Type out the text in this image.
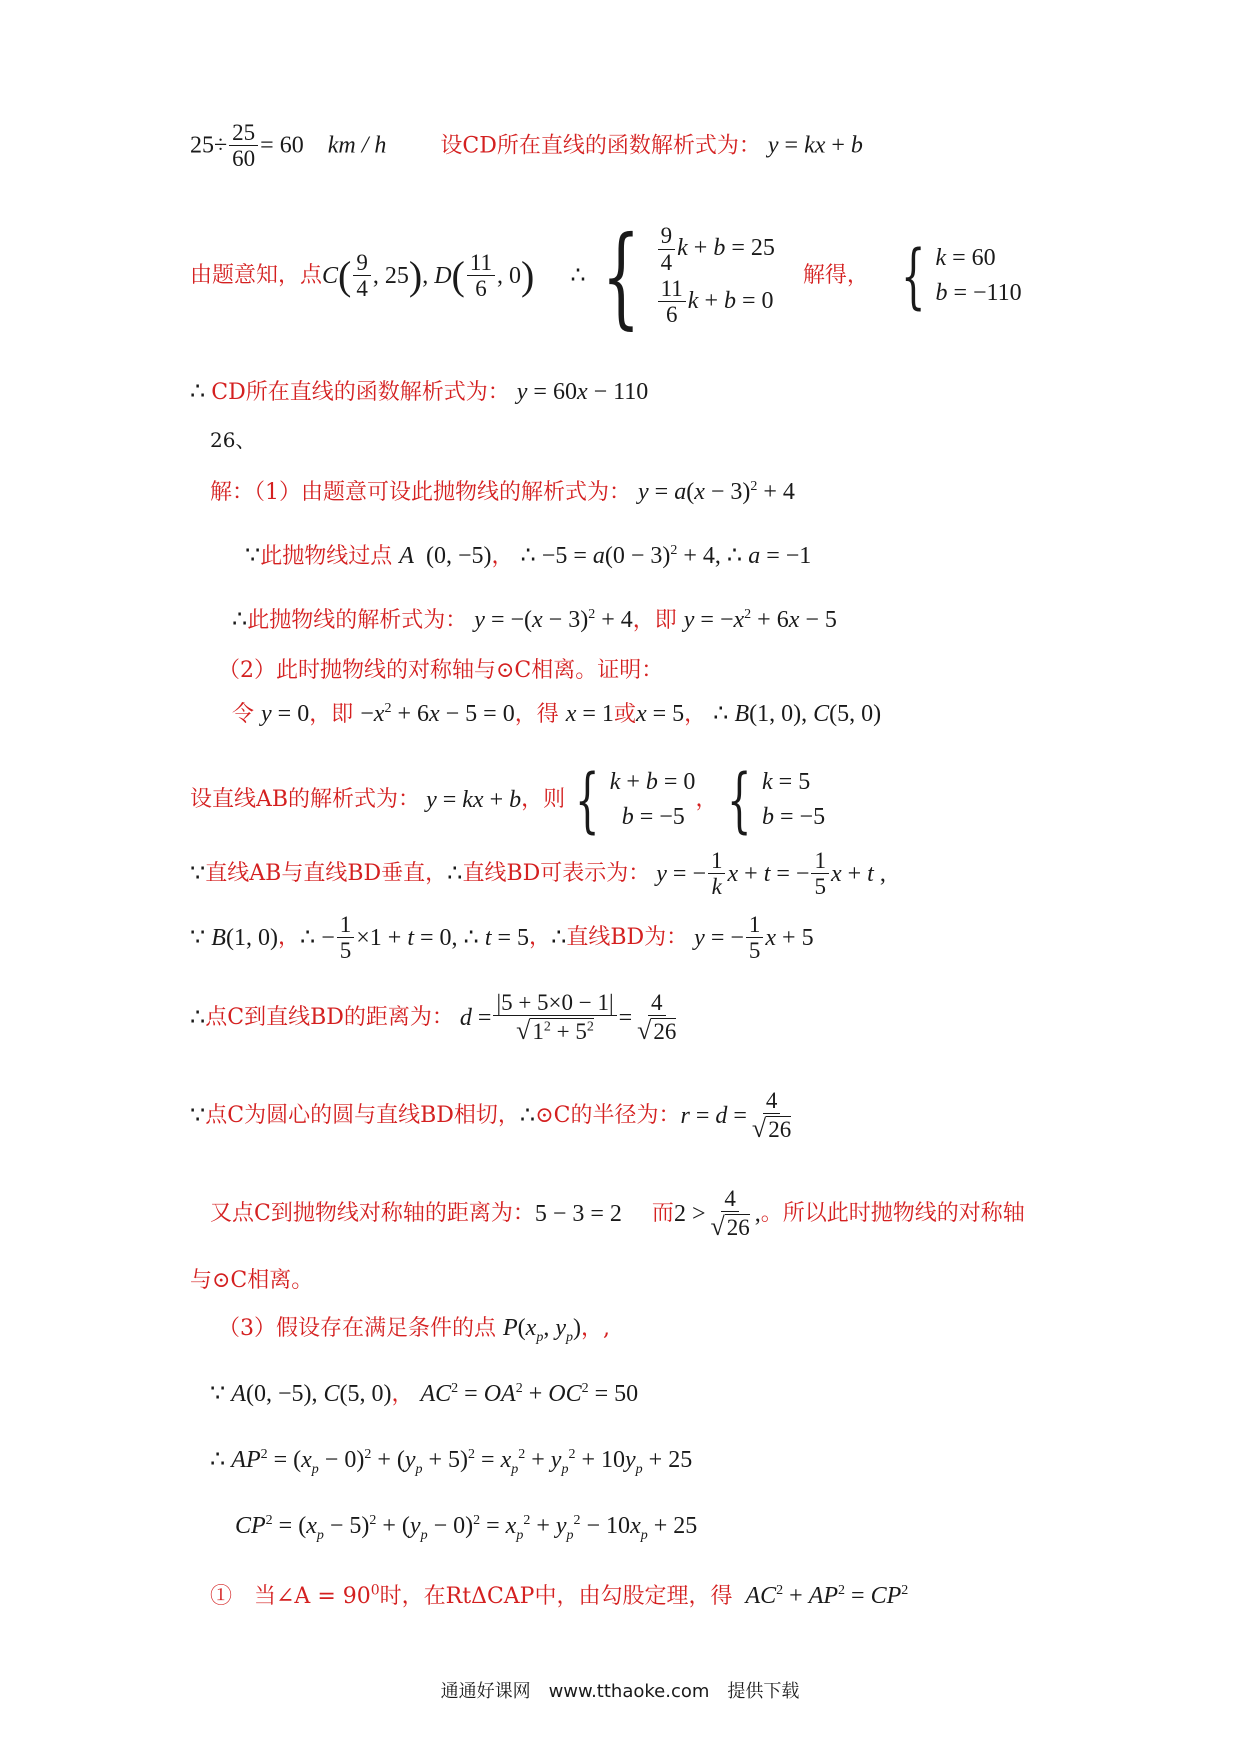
$25\div \frac{25}{60} = 60$    km / h 设CD所在直线的函数解析式为： y = kx + b
由题意知，点 C ( $\frac{9}{4}$ , 25 ) , D ( $\frac{11}{6}$ , 0 ) ∴ { $\frac{9}{4}$ k + b = 25
$\frac{11}{6}$ k + b = 0
解得， { k = 60
b = −110
∴ CD所在直线的函数解析式为： y = 60x − 110
26、
解：（1）由题意可设此抛物线的解析式为： $y = a(x - 3)^2 + 4$
∵此抛物线过点 A  (0, −5)， ∴ $-5 = a(0 - 3)^2 + 4$, ∴ a = −1
∴此抛物线的解析式为： $y = -(x - 3)^2 + 4$，即 $y = -x^2 + 6x - 5$
（2）此时抛物线的对称轴与⊙C相离。证明：
令 y = 0，即 $-x^2 + 6x - 5 = 0$，得 x = 1或x = 5， ∴ B(1, 0), C(5, 0)
设直线AB的解析式为： y = kx + b ，则 { k + b = 0
b = −5
， { k = 5
b = −5
∵ 直线AB与直线BD垂直， ∴ 直线BD可表示为： y = − $\frac{1}{k}$ x + t = − $\frac{1}{5}$ x + t ,
∵ B(1, 0) ， ∴ − $\frac{1}{5} \times 1 + t = 0$, ∴ t = 5 ， ∴ 直线BD为： y = − $\frac{1}{5}$ x + 5
∴ 点C到直线BD的距离为： $d = \frac{|5 + 5\times 0 - 1|}{√1^2 + 5^2} = \frac{4}{√26}$
∵ 点C为圆心的圆与直线BD相切， ∴ ⊙C的半径为： $r = d = \frac{4}{√26}$
又点C到抛物线对称轴的距离为： 5 − 3 = 2 而 $2 > \frac{4}{√26}$ , 。所以此时抛物线的对称轴
与⊙C相离。
（3）假设存在满足条件的点 $P(x_p$, $y_p$)，,
∵ A(0, −5), C(5, 0)， $AC^2 = OA^2 + OC^2 = 50$
∴ $AP^2 = (x_p - 0)^2 + (y_p + 5)^2 = x_p^2 + y_p^2 + 10y_p + 25$
$CP^2 = (x_p - 5)^2 + (y_p - 0)^2 = x_p^2 + y_p^2 - 10x_p + 25$
①　当∠A = $90^0$时，在RtΔCAP中，由勾股定理，得 $AC^2 + AP^2 = CP^2$
通通好课网　www.tthaoke.com　提供下载
